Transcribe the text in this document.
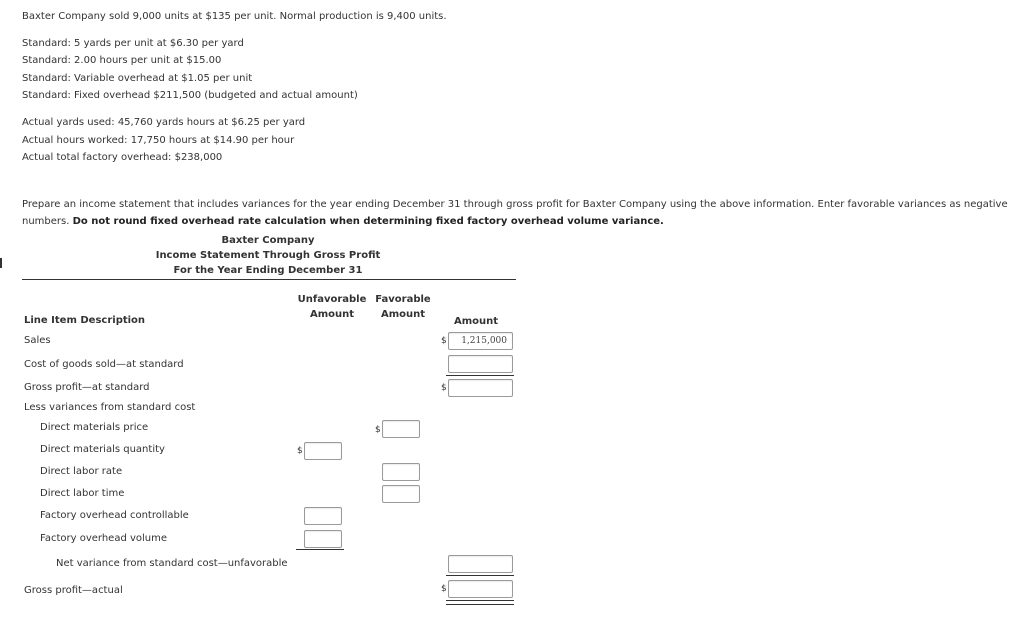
Baxter Company sold 9,000 units at $135 per unit. Normal production is 9,400 units.
Standard: 5 yards per unit at $6.30 per yard
Standard: 2.00 hours per unit at $15.00
Standard: Variable overhead at $1.05 per unit
Standard: Fixed overhead $211,500 (budgeted and actual amount)
Actual yards used: 45,760 yards hours at $6.25 per yard
Actual hours worked: 17,750 hours at $14.90 per hour
Actual total factory overhead: $238,000
Prepare an income statement that includes variances for the year ending December 31 through gross profit for Baxter Company using the above information. Enter favorable variances as negative
numbers. Do not round fixed overhead rate calculation when determining fixed factory overhead volume variance.
Baxter Company
Income Statement Through Gross Profit
For the Year Ending December 31
Unfavorable
Amount
Favorable
Amount
Amount
Line Item Description
Sales
Cost of goods sold—at standard
Gross profit—at standard
Less variances from standard cost
Direct materials price
Direct materials quantity
Direct labor rate
Direct labor time
Factory overhead controllable
Factory overhead volume
Net variance from standard cost—unfavorable
Gross profit—actual
$	1,215,000
$
$
$
$
